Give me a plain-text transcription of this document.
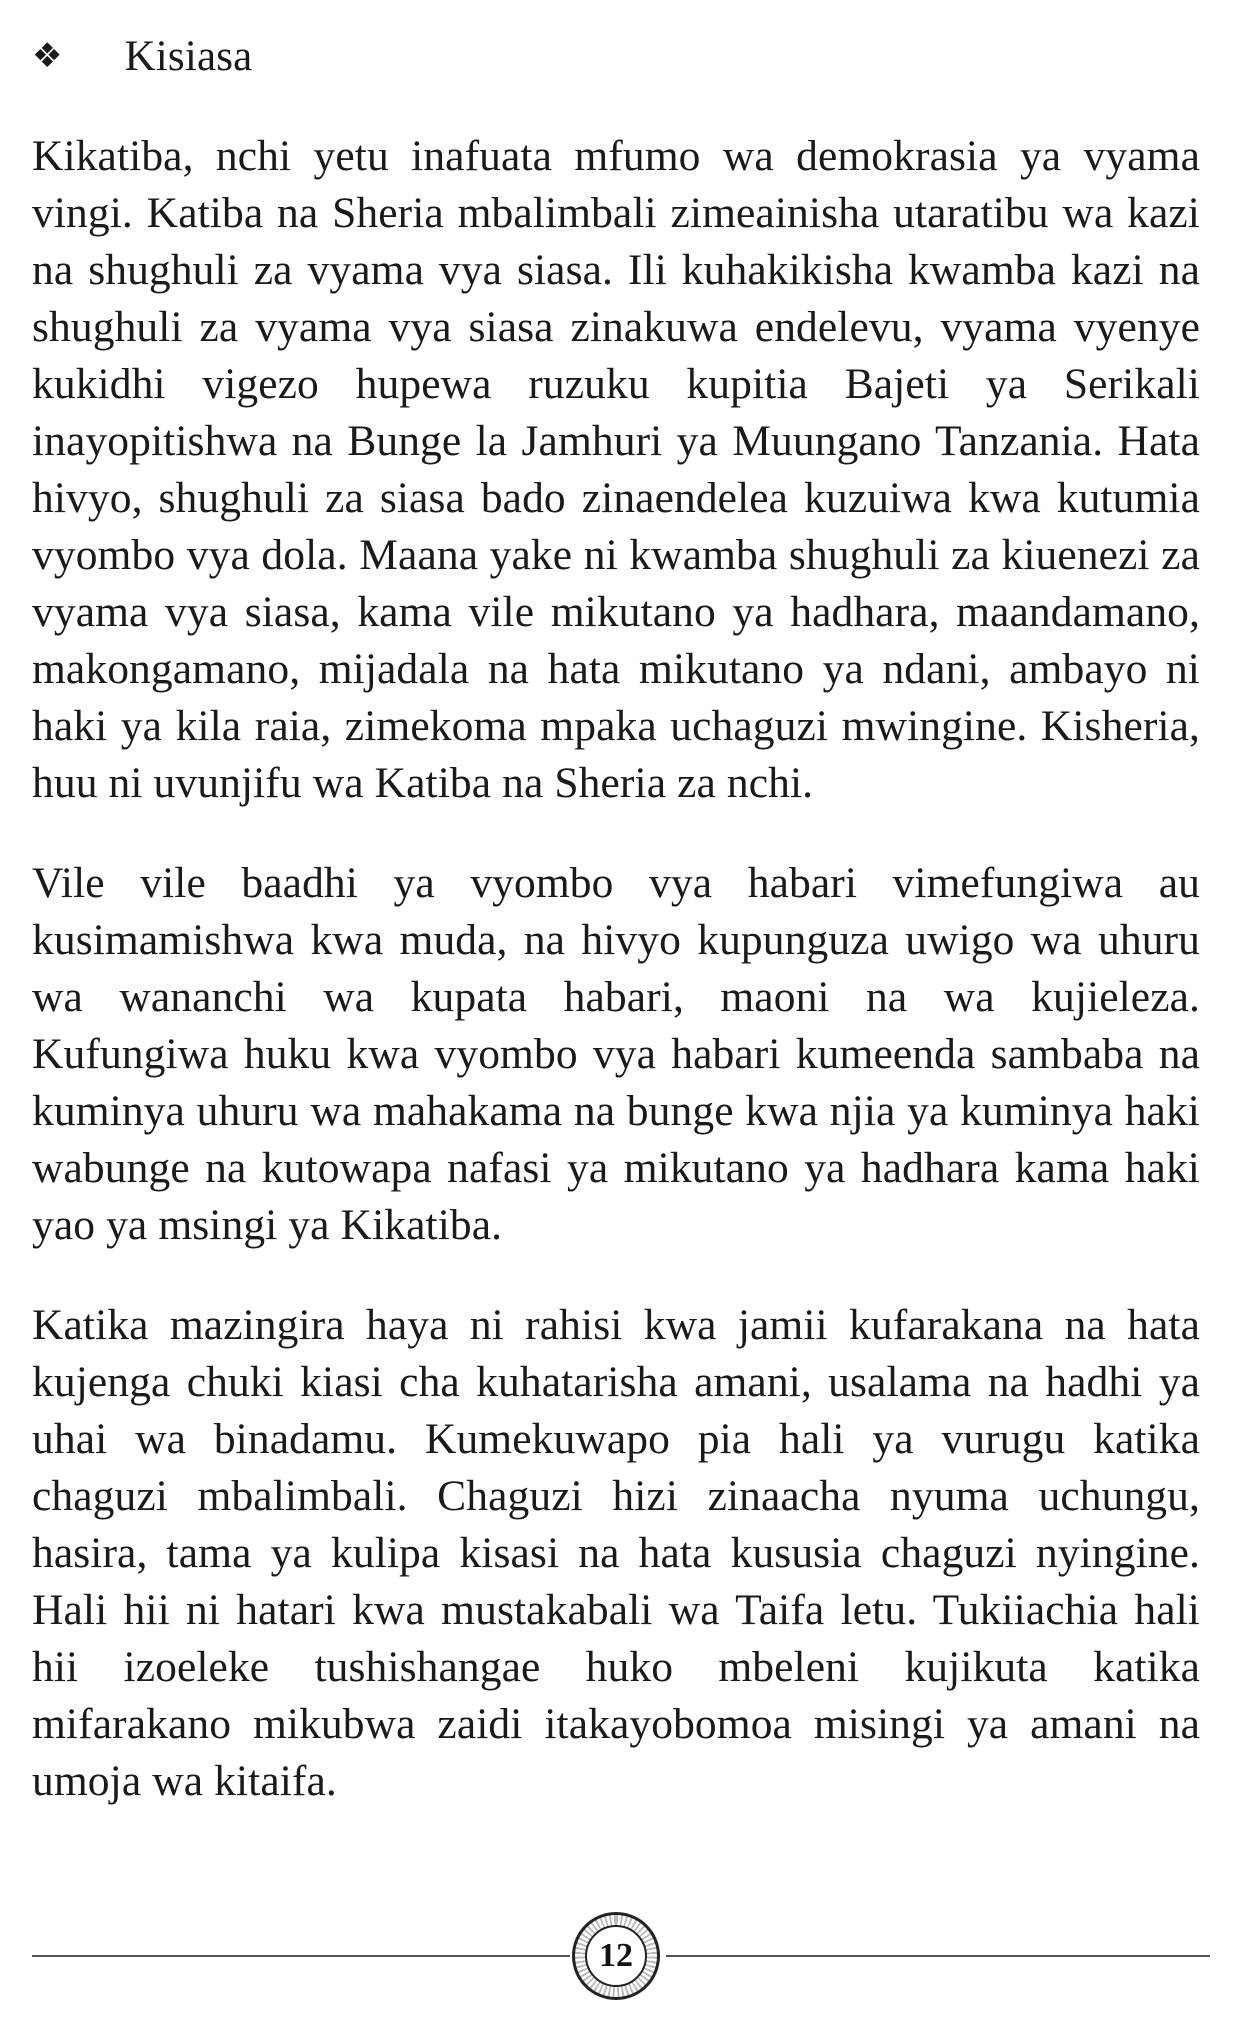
❖ Kisiasa

Kikatiba, nchi yetu inafuata mfumo wa demokrasia ya vyama vingi. Katiba na Sheria mbalimbali zimeainisha utaratibu wa kazi na shughuli za vyama vya siasa. Ili kuhakikisha kwamba kazi na shughuli za vyama vya siasa zinakuwa endelevu, vyama vyenye kukidhi vigezo hupewa ruzuku kupitia Bajeti ya Serikali inayopitishwa na Bunge la Jamhuri ya Muungano Tanzania. Hata hivyo, shughuli za siasa bado zinaendelea kuzuiwa kwa kutumia vyombo vya dola. Maana yake ni kwamba shughuli za kiuenezi za vyama vya siasa, kama vile mikutano ya hadhara, maandamano, makongamano, mijadala na hata mikutano ya ndani, ambayo ni haki ya kila raia, zimekoma mpaka uchaguzi mwingine. Kisheria, huu ni uvunjifu wa Katiba na Sheria za nchi.

Vile vile baadhi ya vyombo vya habari vimefungiwa au kusimamishwa kwa muda, na hivyo kupunguza uwigo wa uhuru wa wananchi wa kupata habari, maoni na wa kujieleza. Kufungiwa huku kwa vyombo vya habari kumeenda sambaba na kuminya uhuru wa mahakama na bunge kwa njia ya kuminya haki wabunge na kutowapa nafasi ya mikutano ya hadhara kama haki yao ya msingi ya Kikatiba.

Katika mazingira haya ni rahisi kwa jamii kufarakana na hata kujenga chuki kiasi cha kuhatarisha amani, usalama na hadhi ya uhai wa binadamu. Kumekuwapo pia hali ya vurugu katika chaguzi mbalimbali. Chaguzi hizi zinaacha nyuma uchungu, hasira, tama ya kulipa kisasi na hata kususia chaguzi nyingine. Hali hii ni hatari kwa mustakabali wa Taifa letu. Tukiiachia hali hii izoeleke tushishangae huko mbeleni kujikuta katika mifarakano mikubwa zaidi itakayobomoa misingi ya amani na umoja wa kitaifa.

12
